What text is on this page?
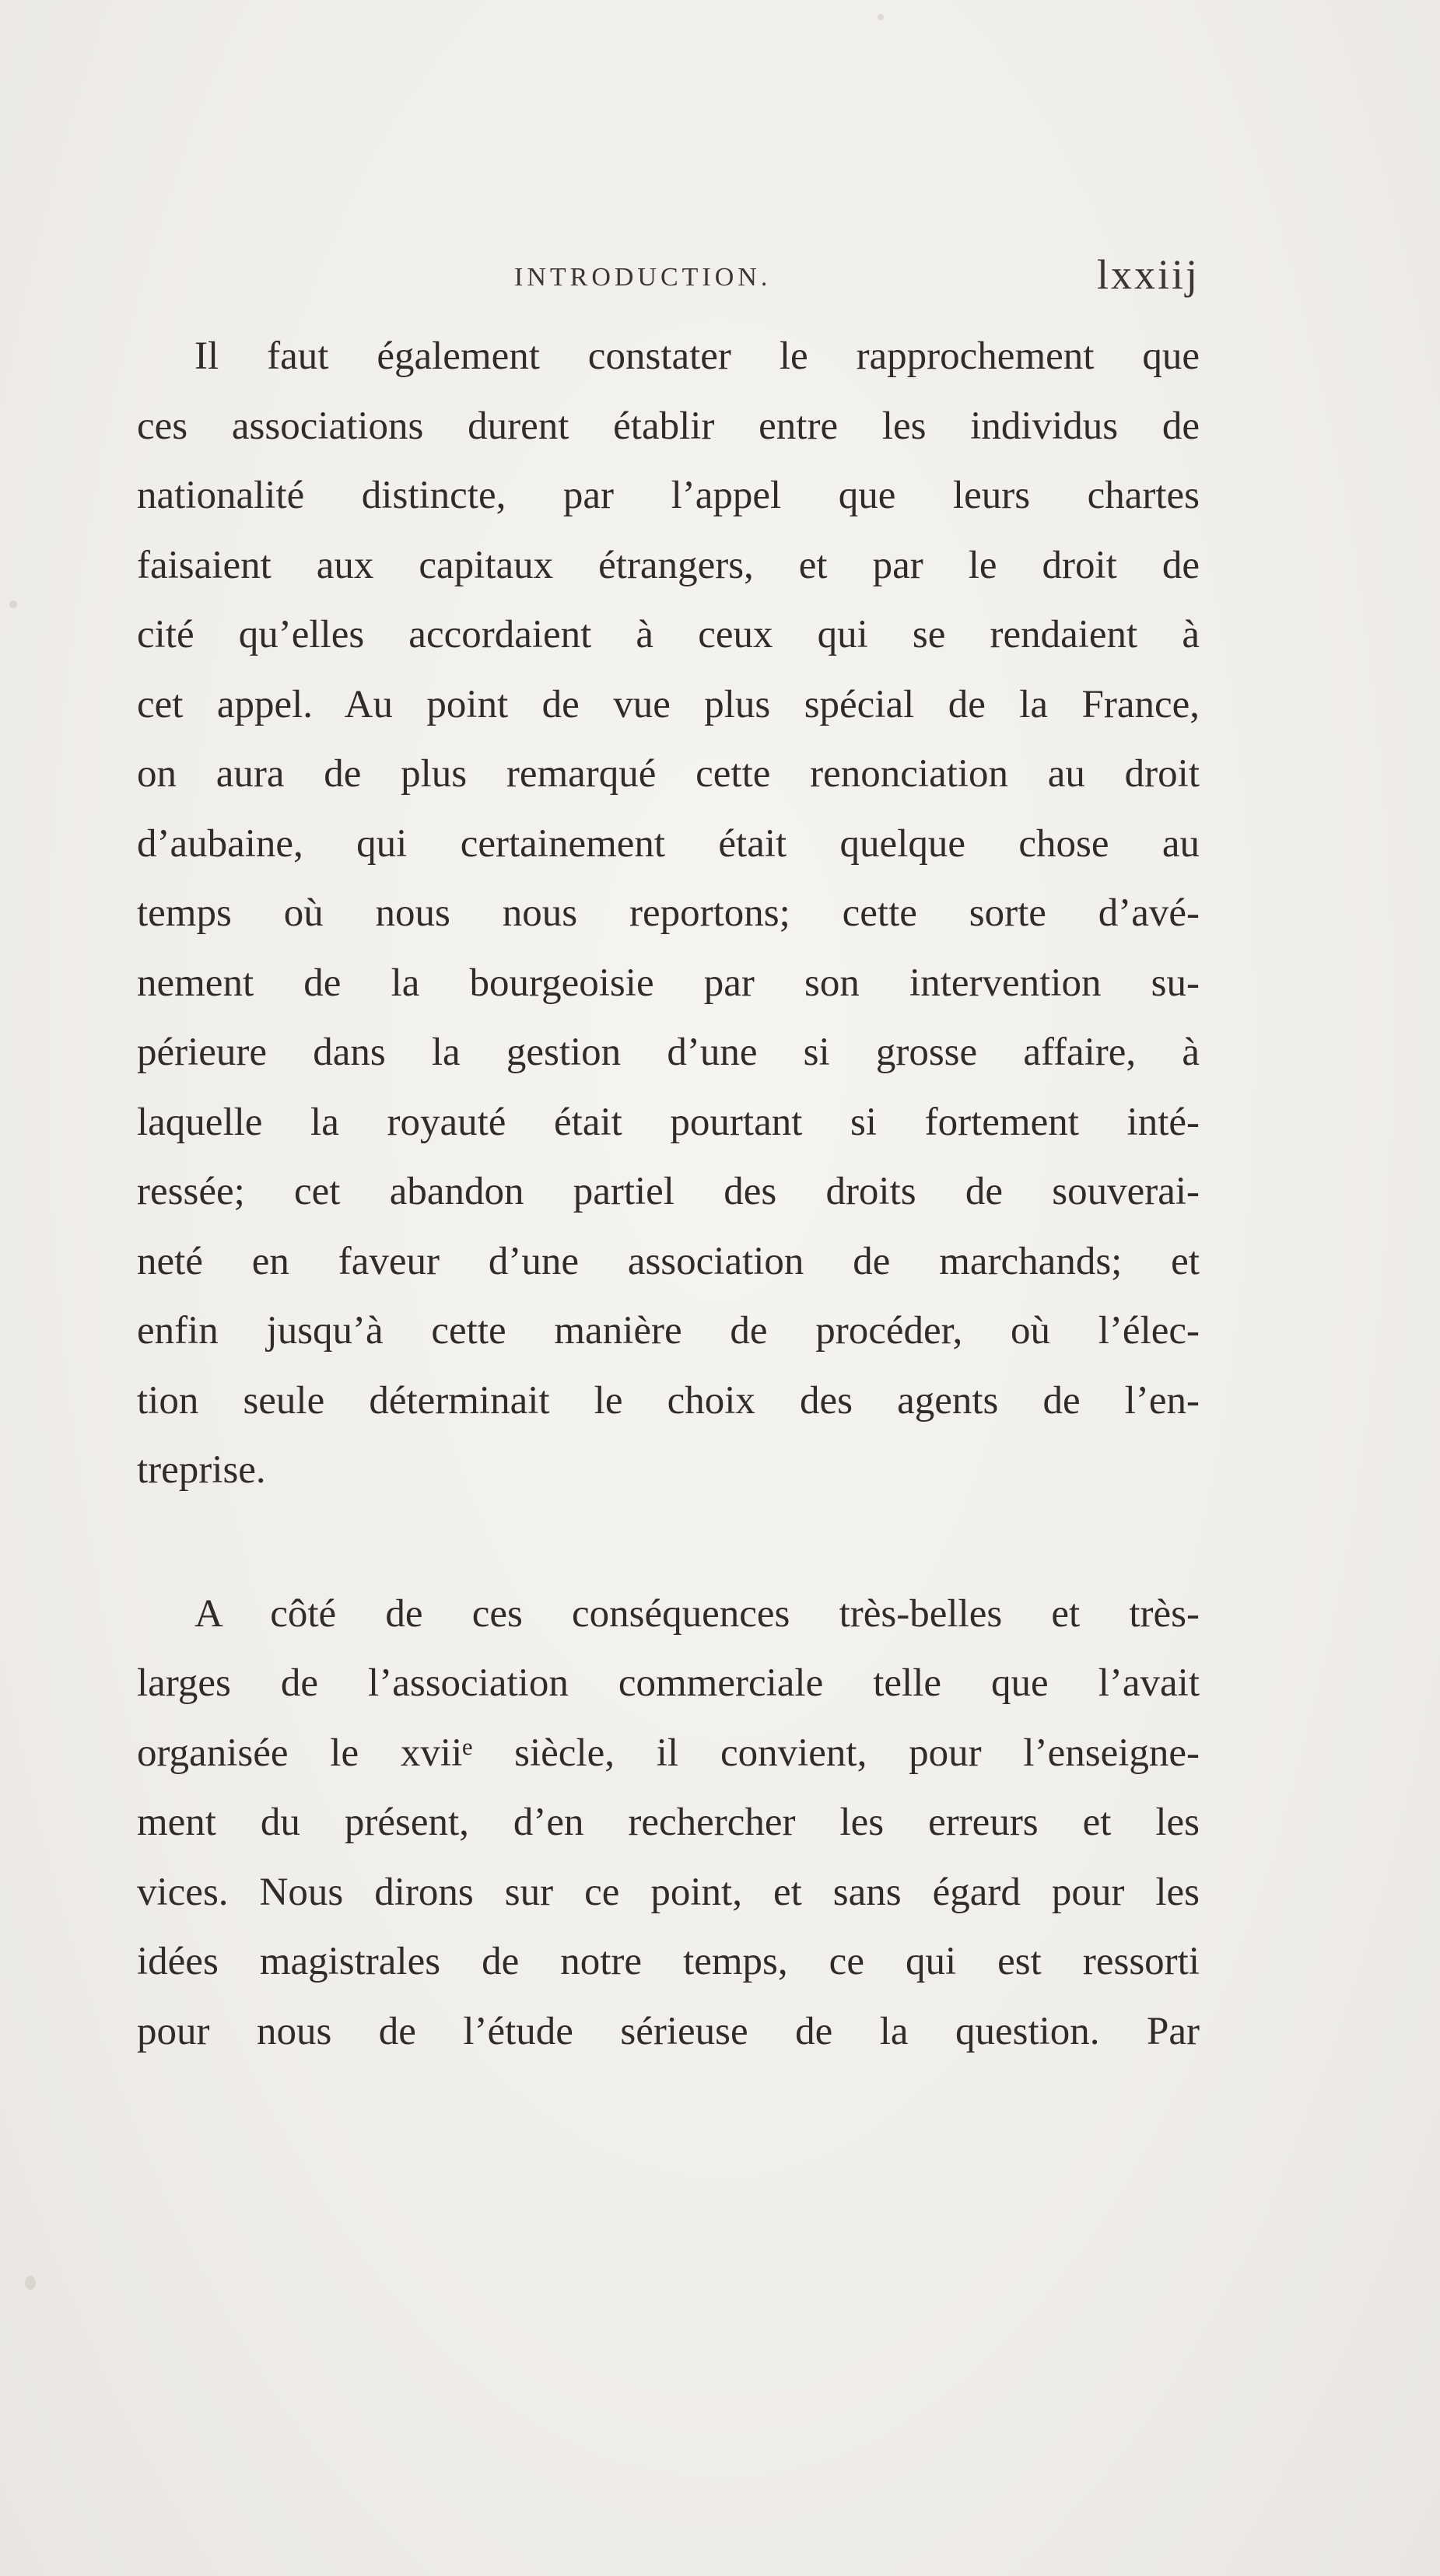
INTRODUCTION.	lxxiij
Il faut également constater le rapprochement que
ces associations durent établir entre les individus de
nationalité distincte, par l’appel que leurs chartes
faisaient aux capitaux étrangers, et par le droit de
cité qu’elles accordaient à ceux qui se rendaient à
cet appel. Au point de vue plus spécial de la France,
on aura de plus remarqué cette renonciation au droit
d’aubaine, qui certainement était quelque chose au
temps où nous nous reportons; cette sorte d’avé-
nement de la bourgeoisie par son intervention su-
périeure dans la gestion d’une si grosse affaire, à
laquelle la royauté était pourtant si fortement inté-
ressée; cet abandon partiel des droits de souverai-
neté en faveur d’une association de marchands; et
enfin jusqu’à cette manière de procéder, où l’élec-
tion seule déterminait le choix des agents de l’en-
treprise.
A côté de ces conséquences très-belles et très-
larges de l’association commerciale telle que l’avait
organisée le xviiᵉ siècle, il convient, pour l’enseigne-
ment du présent, d’en rechercher les erreurs et les
vices. Nous dirons sur ce point, et sans égard pour les
idées magistrales de notre temps, ce qui est ressorti
pour nous de l’étude sérieuse de la question. Par
